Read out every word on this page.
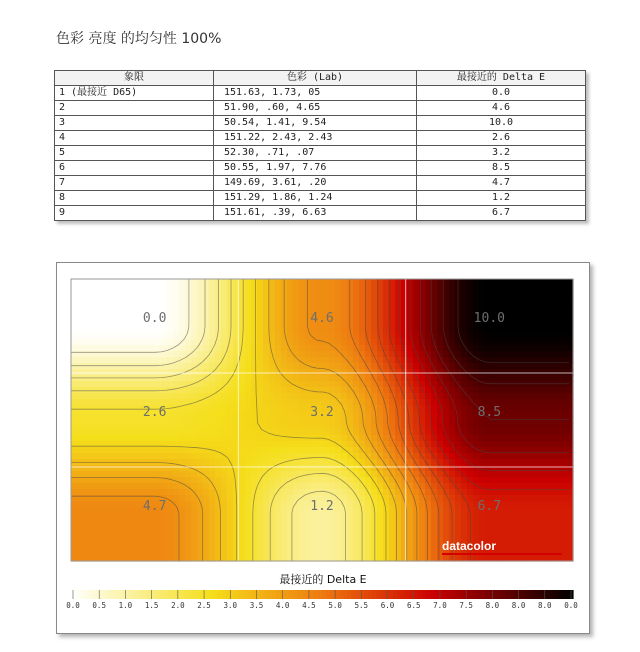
色彩 亮度 的均匀性 100%
象限	色彩 (Lab)	最接近的 Delta E
1 (最接近 D65)	151.63, 1.73, 05	0.0
2	51.90, .60, 4.65	4.6
3	50.54, 1.41, 9.54	10.0
4	151.22, 2.43, 2.43	2.6
5	52.30, .71, .07	3.2
6	50.55, 1.97, 7.76	8.5
7	149.69, 3.61, .20	4.7
8	151.29, 1.86, 1.24	1.2
9	151.61, .39, 6.63	6.7
0.0	4.6	10.0
2.6	3.2	8.5
4.7	1.2	6.7
datacolor
最接近的 Delta E
0.0 0.5 1.0 1.5 2.0 2.5 3.0 3.5 4.0 4.5 5.0 5.5 6.0 6.5 7.0 7.5 8.0 8.0 8.0 0.0
